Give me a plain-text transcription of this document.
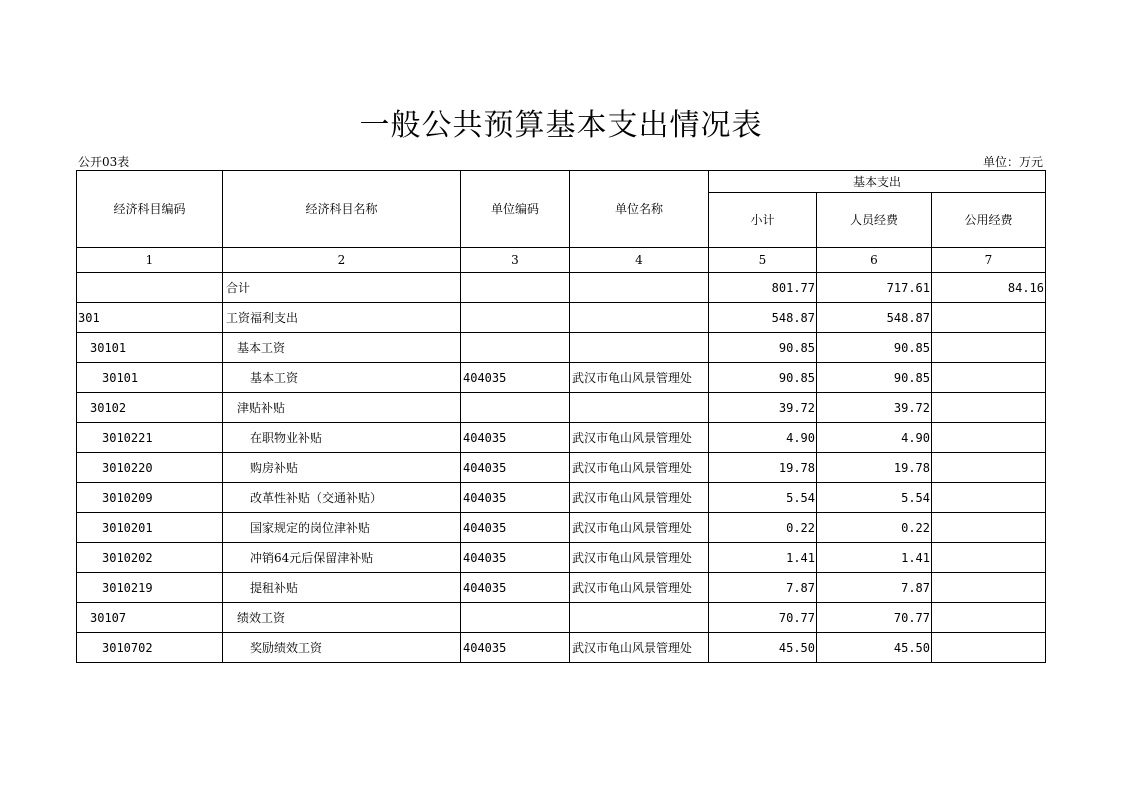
一般公共预算基本支出情况表
公开03表	单位：万元
经济科目编码	经济科目名称	单位编码	单位名称	基本支出		
				小计	人员经费	公用经费
1	2	3	4	5	6	7
	合计			801.77	717.61	84.16
301	工资福利支出			548.87	548.87	
30101	基本工资			90.85	90.85	
30101	基本工资	404035	武汉市龟山风景管理处	90.85	90.85	
30102	津贴补贴			39.72	39.72	
3010221	在职物业补贴	404035	武汉市龟山风景管理处	4.90	4.90	
3010220	购房补贴	404035	武汉市龟山风景管理处	19.78	19.78	
3010209	改革性补贴（交通补贴）	404035	武汉市龟山风景管理处	5.54	5.54	
3010201	国家规定的岗位津补贴	404035	武汉市龟山风景管理处	0.22	0.22	
3010202	冲销64元后保留津补贴	404035	武汉市龟山风景管理处	1.41	1.41	
3010219	提租补贴	404035	武汉市龟山风景管理处	7.87	7.87	
30107	绩效工资			70.77	70.77	
3010702	奖励绩效工资	404035	武汉市龟山风景管理处	45.50	45.50	
